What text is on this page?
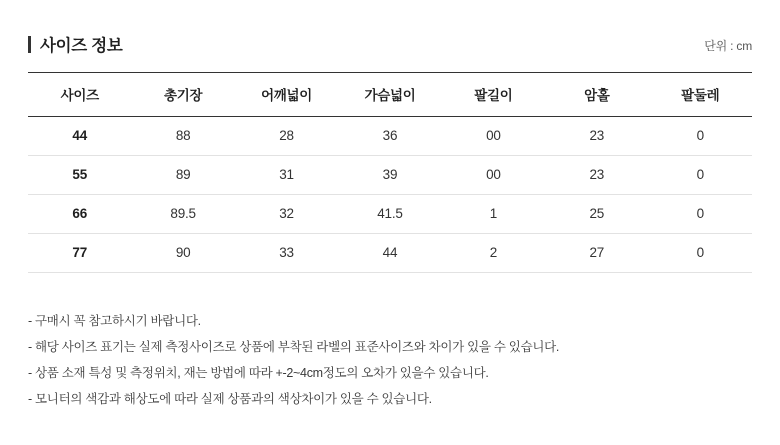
사이즈 정보	단위 : cm
사이즈	총기장	어깨넓이	가슴넓이	팔길이	암홀	팔둘레
44	88	28	36	00	23	0
55	89	31	39	00	23	0
66	89.5	32	41.5	1	25	0
77	90	33	44	2	27	0
- 구매시 꼭 참고하시기 바랍니다.
- 해당 사이즈 표기는 실제 측정사이즈로 상품에 부착된 라벨의 표준사이즈와 차이가 있을 수 있습니다.
- 상품 소재 특성 및 측정위치, 재는 방법에 따라 +-2~4cm정도의 오차가 있을수 있습니다.
- 모니터의 색감과 해상도에 따라 실제 상품과의 색상차이가 있을 수 있습니다.
